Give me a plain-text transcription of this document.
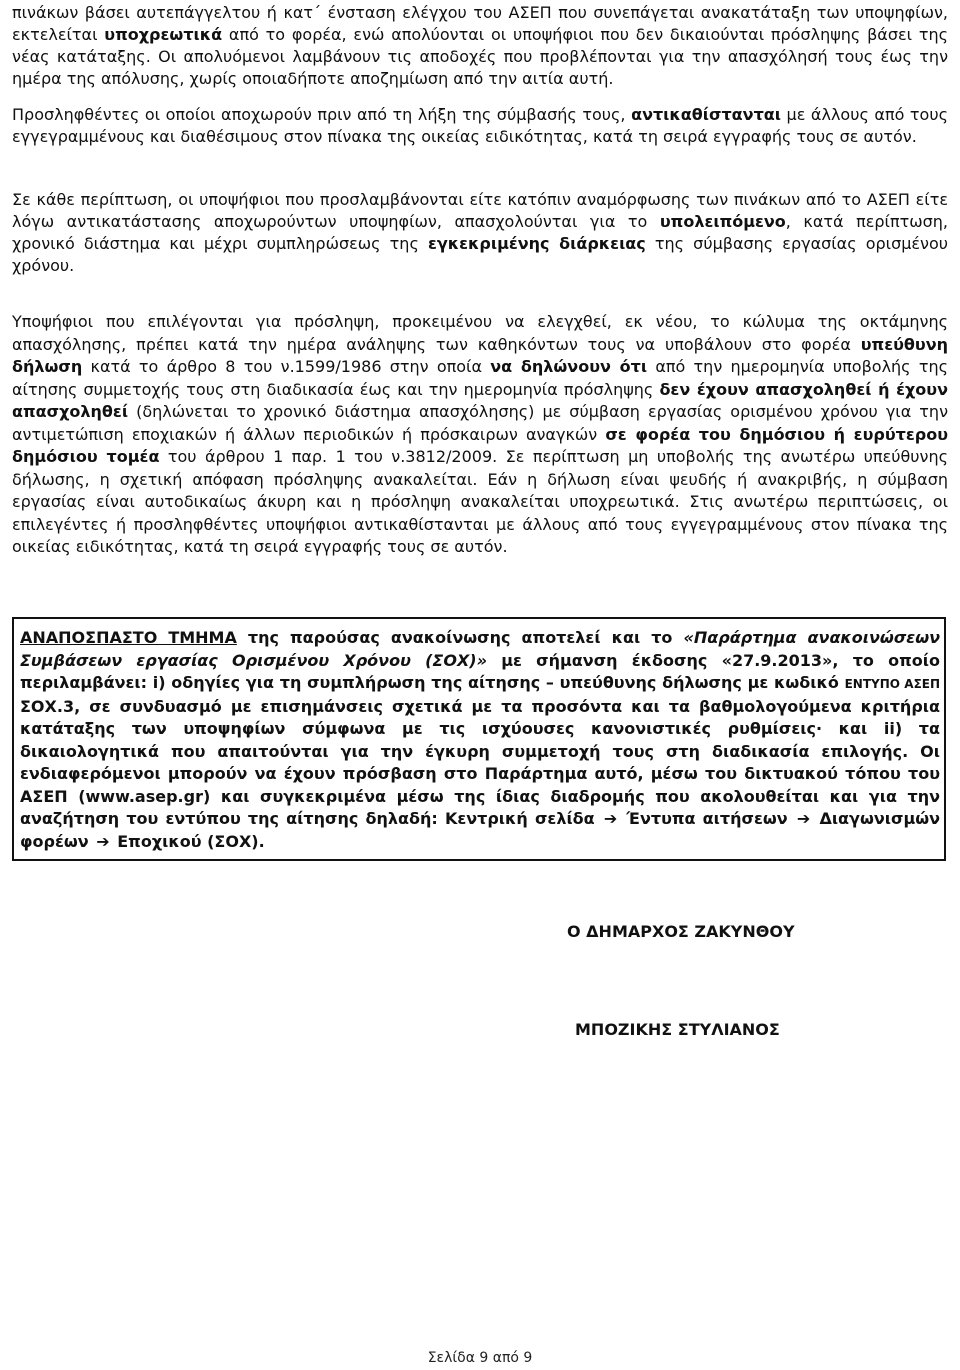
πινάκων βάσει αυτεπάγγελτου ή κατ΄ ένσταση ελέγχου του ΑΣΕΠ που συνεπάγεται ανακατάταξη των υποψηφίων, εκτελείται υποχρεωτικά από το φορέα, ενώ απολύονται οι υποψήφιοι που δεν δικαιούνται πρόσληψης βάσει της νέας κατάταξης. Οι απολυόμενοι λαμβάνουν τις αποδοχές που προβλέπονται για την απασχόλησή τους έως την ημέρα της απόλυσης, χωρίς οποιαδήποτε αποζημίωση από την αιτία αυτή.

Προσληφθέντες οι οποίοι αποχωρούν πριν από τη λήξη της σύμβασής τους, αντικαθίστανται με άλλους από τους εγγεγραμμένους και διαθέσιμους στον πίνακα της οικείας ειδικότητας, κατά τη σειρά εγγραφής τους σε αυτόν.

Σε κάθε περίπτωση, οι υποψήφιοι που προσλαμβάνονται είτε κατόπιν αναμόρφωσης των πινάκων από το ΑΣΕΠ είτε λόγω αντικατάστασης αποχωρούντων υποψηφίων, απασχολούνται για το υπολειπόμενο, κατά περίπτωση, χρονικό διάστημα και μέχρι συμπληρώσεως της εγκεκριμένης διάρκειας της σύμβασης εργασίας ορισμένου χρόνου.

Υποψήφιοι που επιλέγονται για πρόσληψη, προκειμένου να ελεγχθεί, εκ νέου, το κώλυμα της οκτάμηνης απασχόλησης, πρέπει κατά την ημέρα ανάληψης των καθηκόντων τους να υποβάλουν στο φορέα υπεύθυνη δήλωση κατά το άρθρο 8 του ν.1599/1986 στην οποία να δηλώνουν ότι από την ημερομηνία υποβολής της αίτησης συμμετοχής τους στη διαδικασία έως και την ημερομηνία πρόσληψης δεν έχουν απασχοληθεί ή έχουν απασχοληθεί (δηλώνεται το χρονικό διάστημα απασχόλησης) με σύμβαση εργασίας ορισμένου χρόνου για την αντιμετώπιση εποχιακών ή άλλων περιοδικών ή πρόσκαιρων αναγκών σε φορέα του δημόσιου ή ευρύτερου δημόσιου τομέα του άρθρου 1 παρ. 1 του ν.3812/2009. Σε περίπτωση μη υποβολής της ανωτέρω υπεύθυνης δήλωσης, η σχετική απόφαση πρόσληψης ανακαλείται. Εάν η δήλωση είναι ψευδής ή ανακριβής, η σύμβαση εργασίας είναι αυτοδικαίως άκυρη και η πρόσληψη ανακαλείται υποχρεωτικά. Στις ανωτέρω περιπτώσεις, οι επιλεγέντες ή προσληφθέντες υποψήφιοι αντικαθίστανται με άλλους από τους εγγεγραμμένους στον πίνακα της οικείας ειδικότητας, κατά τη σειρά εγγραφής τους σε αυτόν.

ΑΝΑΠΟΣΠΑΣΤΟ ΤΜΗΜΑ της παρούσας ανακοίνωσης αποτελεί και το «Παράρτημα ανακοινώσεων Συμβάσεων εργασίας Ορισμένου Χρόνου (ΣΟΧ)» με σήμανση έκδοσης «27.9.2013», το οποίο περιλαμβάνει: i) οδηγίες για τη συμπλήρωση της αίτησης – υπεύθυνης δήλωσης με κωδικό ΕΝΤΥΠΟ ΑΣΕΠ ΣΟΧ.3, σε συνδυασμό με επισημάνσεις σχετικά με τα προσόντα και τα βαθμολογούμενα κριτήρια κατάταξης των υποψηφίων σύμφωνα με τις ισχύουσες κανονιστικές ρυθμίσεις· και ii) τα δικαιολογητικά που απαιτούνται για την έγκυρη συμμετοχή τους στη διαδικασία επιλογής. Οι ενδιαφερόμενοι μπορούν να έχουν πρόσβαση στο Παράρτημα αυτό, μέσω του δικτυακού τόπου του ΑΣΕΠ (www.asep.gr) και συγκεκριμένα μέσω της ίδιας διαδρομής που ακολουθείται και για την αναζήτηση του εντύπου της αίτησης δηλαδή: Κεντρική σελίδα ➔ Έντυπα αιτήσεων ➔ Διαγωνισμών φορέων ➔ Εποχικού (ΣΟΧ).

Ο ΔΗΜΑΡΧΟΣ ΖΑΚΥΝΘΟΥ
ΜΠΟΖΙΚΗΣ ΣΤΥΛΙΑΝΟΣ
Σελίδα 9 από 9
